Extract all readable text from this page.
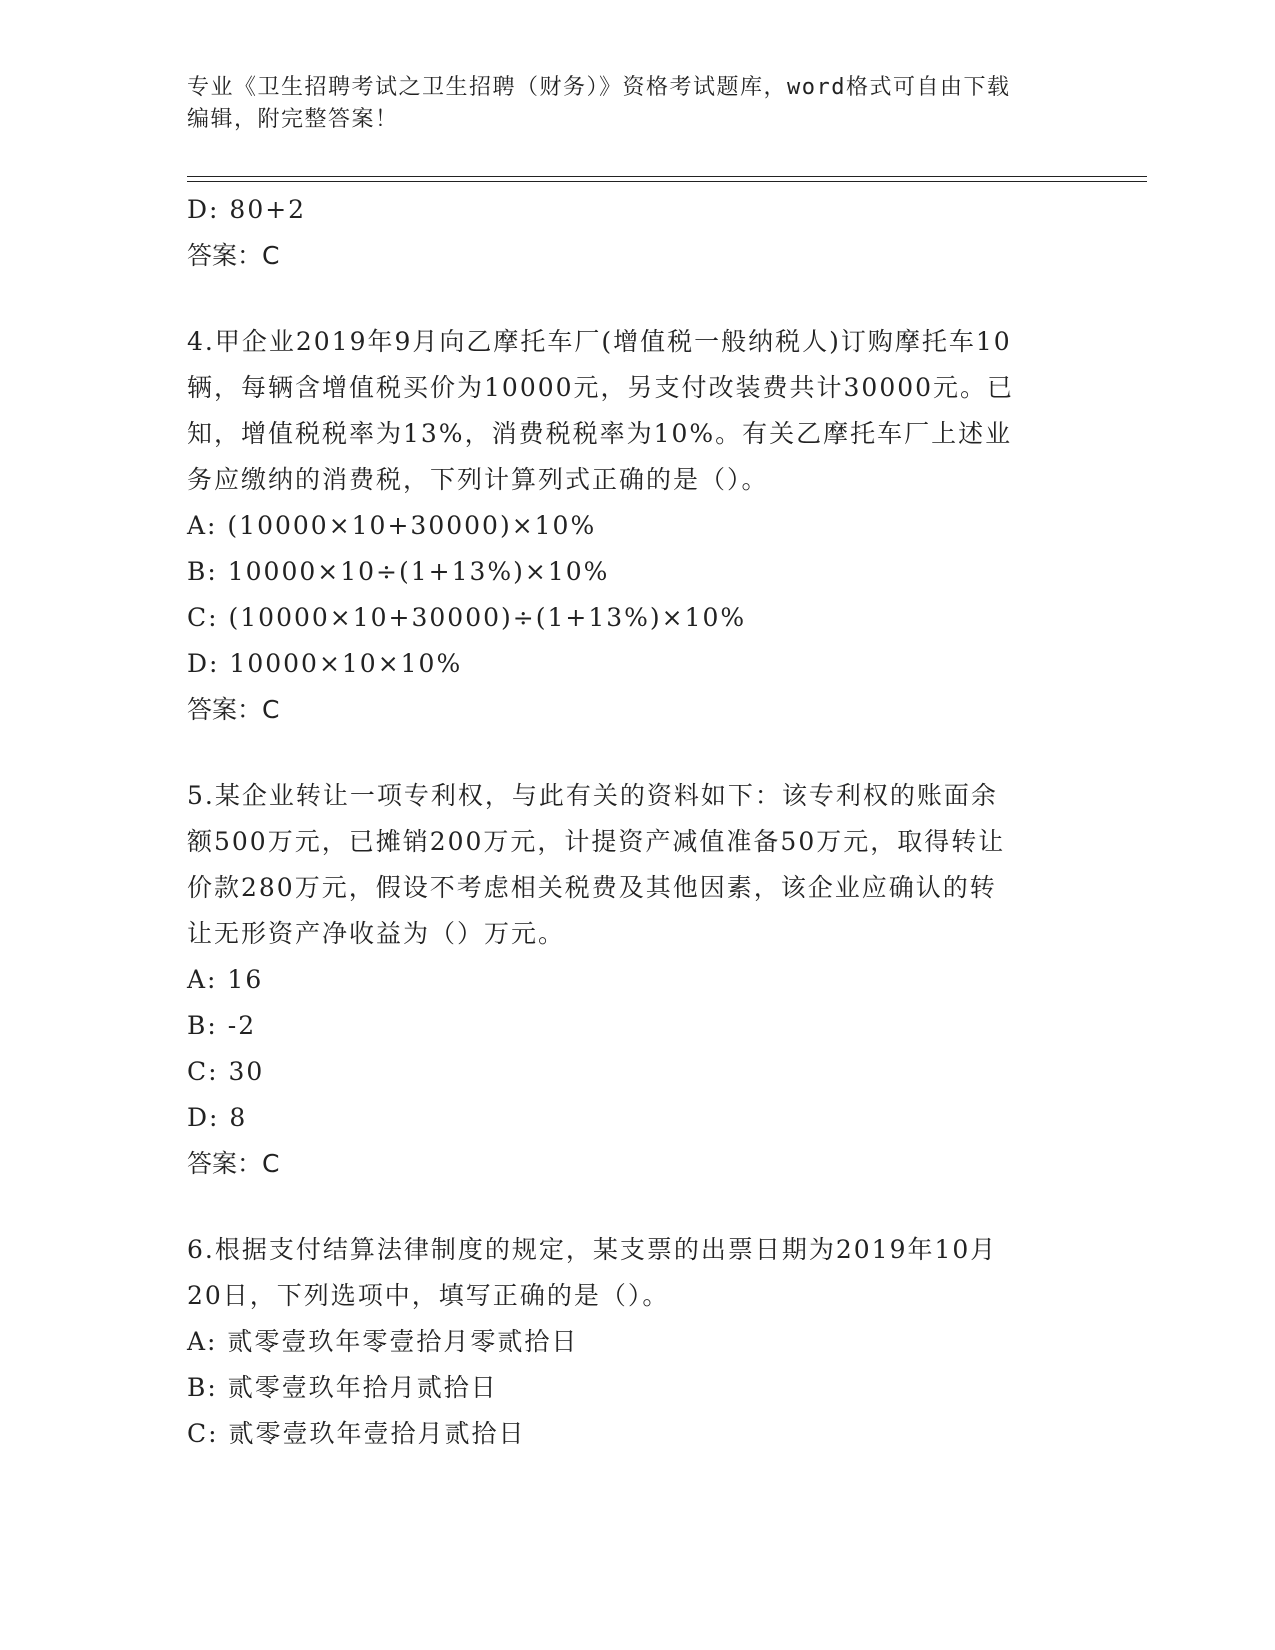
专业《卫生招聘考试之卫生招聘（财务）》资格考试题库，word格式可自由下载
编辑，附完整答案！
D: 80+2
答案：C
4.甲企业2019年9月向乙摩托车厂(增值税一般纳税人)订购摩托车10
辆，每辆含增值税买价为10000元，另支付改装费共计30000元。已
知，增值税税率为13%，消费税税率为10%。有关乙摩托车厂上述业
务应缴纳的消费税，下列计算列式正确的是（）。
A: (10000×10+30000)×10%
B: 10000×10÷(1+13%)×10%
C: (10000×10+30000)÷(1+13%)×10%
D: 10000×10×10%
答案：C
5.某企业转让一项专利权，与此有关的资料如下：该专利权的账面余
额500万元，已摊销200万元，计提资产减值准备50万元，取得转让
价款280万元，假设不考虑相关税费及其他因素，该企业应确认的转
让无形资产净收益为（）万元。
A: 16
B: -2
C: 30
D: 8
答案：C
6.根据支付结算法律制度的规定，某支票的出票日期为2019年10月
20日，下列选项中，填写正确的是（）。
A: 贰零壹玖年零壹拾月零贰拾日
B: 贰零壹玖年拾月贰拾日
C: 贰零壹玖年壹拾月贰拾日
